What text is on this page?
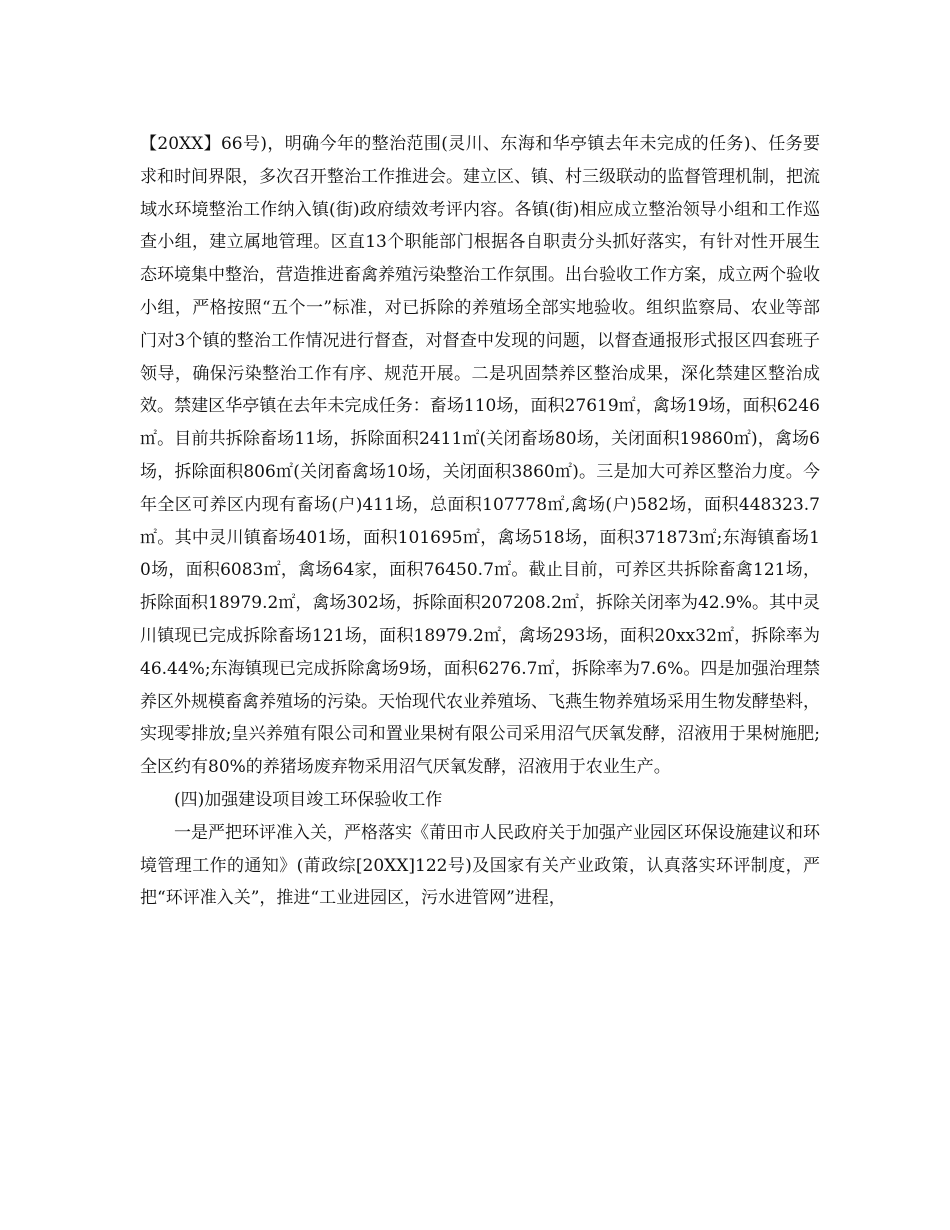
【20XX】66号)，明确今年的整治范围(灵川、东海和华亭镇去年未完成的任务)、任务要求和时间界限，多次召开整治工作推进会。建立区、镇、村三级联动的监督管理机制，把流域水环境整治工作纳入镇(街)政府绩效考评内容。各镇(街)相应成立整治领导小组和工作巡查小组，建立属地管理。区直13个职能部门根据各自职责分头抓好落实，有针对性开展生态环境集中整治，营造推进畜禽养殖污染整治工作氛围。出台验收工作方案，成立两个验收小组，严格按照“五个一”标准，对已拆除的养殖场全部实地验收。组织监察局、农业等部门对3个镇的整治工作情况进行督查，对督查中发现的问题，以督查通报形式报区四套班子领导，确保污染整治工作有序、规范开展。二是巩固禁养区整治成果，深化禁建区整治成效。禁建区华亭镇在去年未完成任务：畜场110场，面积27619㎡，禽场19场，面积6246㎡。目前共拆除畜场11场，拆除面积2411㎡(关闭畜场80场，关闭面积19860㎡)，禽场6场，拆除面积806㎡(关闭畜禽场10场，关闭面积3860㎡)。三是加大可养区整治力度。今年全区可养区内现有畜场(户)411场，总面积107778㎡,禽场(户)582场，面积448323.7㎡。其中灵川镇畜场401场，面积101695㎡，禽场518场，面积371873㎡;东海镇畜场10场，面积6083㎡，禽场64家，面积76450.7㎡。截止目前，可养区共拆除畜禽121场，拆除面积18979.2㎡，禽场302场，拆除面积207208.2㎡，拆除关闭率为42.9%。其中灵川镇现已完成拆除畜场121场，面积18979.2㎡，禽场293场，面积20xx32㎡，拆除率为46.44%;东海镇现已完成拆除禽场9场，面积6276.7㎡，拆除率为7.6%。四是加强治理禁养区外规模畜禽养殖场的污染。天怡现代农业养殖场、飞燕生物养殖场采用生物发酵垫料，实现零排放;皇兴养殖有限公司和置业果树有限公司采用沼气厌氧发酵，沼液用于果树施肥;全区约有80%的养猪场废弃物采用沼气厌氧发酵，沼液用于农业生产。

(四)加强建设项目竣工环保验收工作

一是严把环评准入关，严格落实《莆田市人民政府关于加强产业园区环保设施建议和环境管理工作的通知》(莆政综[20XX]122号)及国家有关产业政策，认真落实环评制度，严把“环评准入关”，推进“工业进园区，污水进管网”进程，
